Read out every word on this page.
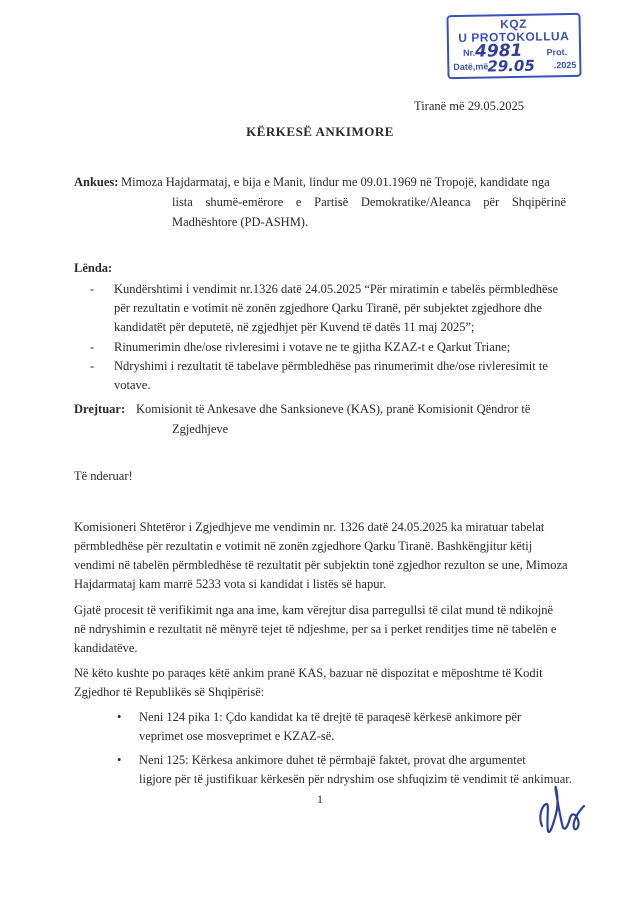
KQZ
U PROTOKOLLUA
Nr. 4981	Prot.
Datë,më
29.05 .2025
Tiranë më 29.05.2025
KËRKESË ANKIMORE
Ankues: Mimoza Hajdarmataj, e bija e Manit, lindur me 09.01.1969 në Tropojë, kandidate nga
lista shumë-emërore e Partisë Demokratike/Aleanca për Shqipërinë
Madhështore (PD-ASHM).
Lënda:
- Kundërshtimi i vendimit nr.1326 datë 24.05.2025 “Për miratimin e tabelës përmbledhëse
për rezultatin e votimit në zonën zgjedhore Qarku Tiranë, për subjektet zgjedhore dhe
kandidatët për deputetë, në zgjedhjet për Kuvend të datës 11 maj 2025”;
- Rinumerimin dhe/ose rivleresimi i votave ne te gjitha KZAZ-t e Qarkut Triane;
- Ndryshimi i rezultatit të tabelave përmbledhëse pas rinumerimit dhe/ose rivleresimit te
votave.
Drejtuar: Komisionit të Ankesave dhe Sanksioneve (KAS), pranë Komisionit Qëndror të
Zgjedhjeve
Të nderuar!
Komisioneri Shtetëror i Zgjedhjeve me vendimin nr. 1326 datë 24.05.2025 ka miratuar tabelat
përmbledhëse për rezultatin e votimit në zonën zgjedhore Qarku Tiranë. Bashkëngjitur këtij
vendimi në tabelën përmbledhëse të rezultatit për subjektin tonë zgjedhor rezulton se une, Mimoza
Hajdarmataj kam marrë 5233 vota si kandidat i listës së hapur.
Gjatë procesit të verifikimit nga ana ime, kam vërejtur disa parregullsi të cilat mund të ndikojnë
në ndryshimin e rezultatit në mënyrë tejet të ndjeshme, per sa i perket renditjes time në tabelën e
kandidatëve.
Në këto kushte po paraqes këtë ankim pranë KAS, bazuar në dispozitat e mëposhtme të Kodit
Zgjedhor të Republikës së Shqipërisë:
• Neni 124 pika 1: Çdo kandidat ka të drejtë të paraqesë kërkesë ankimore për
veprimet ose mosveprimet e KZAZ-së.
• Neni 125: Kërkesa ankimore duhet të përmbajë faktet, provat dhe argumentet
ligjore për të justifikuar kërkesën për ndryshim ose shfuqizim të vendimit të ankimuar.
1
